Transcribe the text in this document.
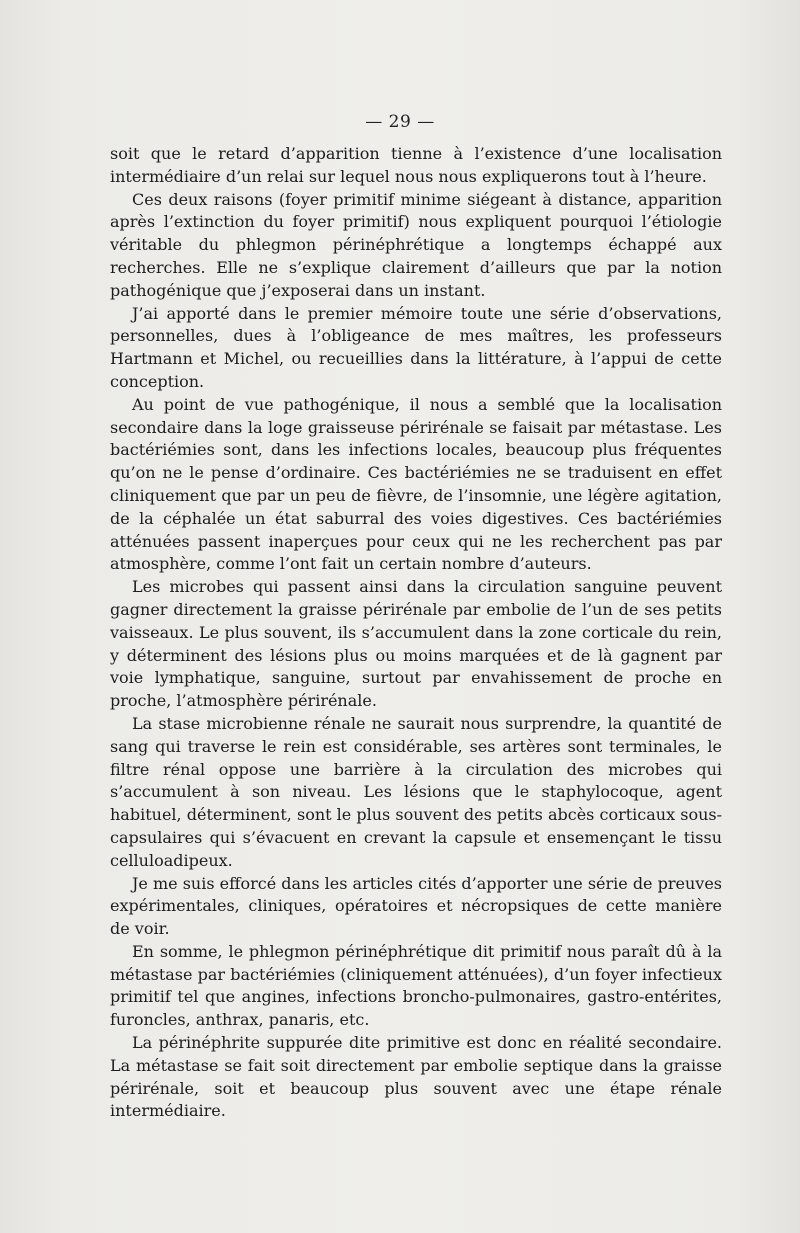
— 29 —

soit que le retard d’apparition tienne à l’existence d’une localisation intermédiaire d’un relai sur lequel nous nous expliquerons tout à l’heure.

Ces deux raisons (foyer primitif minime siégeant à distance, apparition après l’extinction du foyer primitif) nous expliquent pourquoi l’étiologie véritable du phlegmon périnéphrétique a longtemps échappé aux recherches. Elle ne s’explique clairement d’ailleurs que par la notion pathogénique que j’exposerai dans un instant.

J’ai apporté dans le premier mémoire toute une série d’observations, personnelles, dues à l’obligeance de mes maîtres, les professeurs Hartmann et Michel, ou recueillies dans la littérature, à l’appui de cette conception.

Au point de vue pathogénique, il nous a semblé que la localisation secondaire dans la loge graisseuse périrénale se faisait par métastase. Les bactériémies sont, dans les infections locales, beaucoup plus fréquentes qu’on ne le pense d’ordinaire. Ces bactériémies ne se traduisent en effet cliniquement que par un peu de fièvre, de l’insomnie, une légère agitation, de la céphalée un état saburral des voies digestives. Ces bactériémies atténuées passent inaperçues pour ceux qui ne les recherchent pas par atmosphère, comme l’ont fait un certain nombre d’auteurs.

Les microbes qui passent ainsi dans la circulation sanguine peuvent gagner directement la graisse périrénale par embolie de l’un de ses petits vaisseaux. Le plus souvent, ils s’accumulent dans la zone corticale du rein, y déterminent des lésions plus ou moins marquées et de là gagnent par voie lymphatique, sanguine, surtout par envahissement de proche en proche, l’atmosphère périrénale.

La stase microbienne rénale ne saurait nous surprendre, la quantité de sang qui traverse le rein est considérable, ses artères sont terminales, le filtre rénal oppose une barrière à la circulation des microbes qui s’accumulent à son niveau. Les lésions que le staphylocoque, agent habituel, déterminent, sont le plus souvent des petits abcès corticaux sous-capsulaires qui s’évacuent en crevant la capsule et ensemençant le tissu celluloadipeux.

Je me suis efforcé dans les articles cités d’apporter une série de preuves expérimentales, cliniques, opératoires et nécropsiques de cette manière de voir.

En somme, le phlegmon périnéphrétique dit primitif nous paraît dû à la métastase par bactériémies (cliniquement atténuées), d’un foyer infectieux primitif tel que angines, infections broncho-pulmonaires, gastro-entérites, furoncles, anthrax, panaris, etc.

La périnéphrite suppurée dite primitive est donc en réalité secondaire. La métastase se fait soit directement par embolie septique dans la graisse périrénale, soit et beaucoup plus souvent avec une étape rénale intermédiaire.
